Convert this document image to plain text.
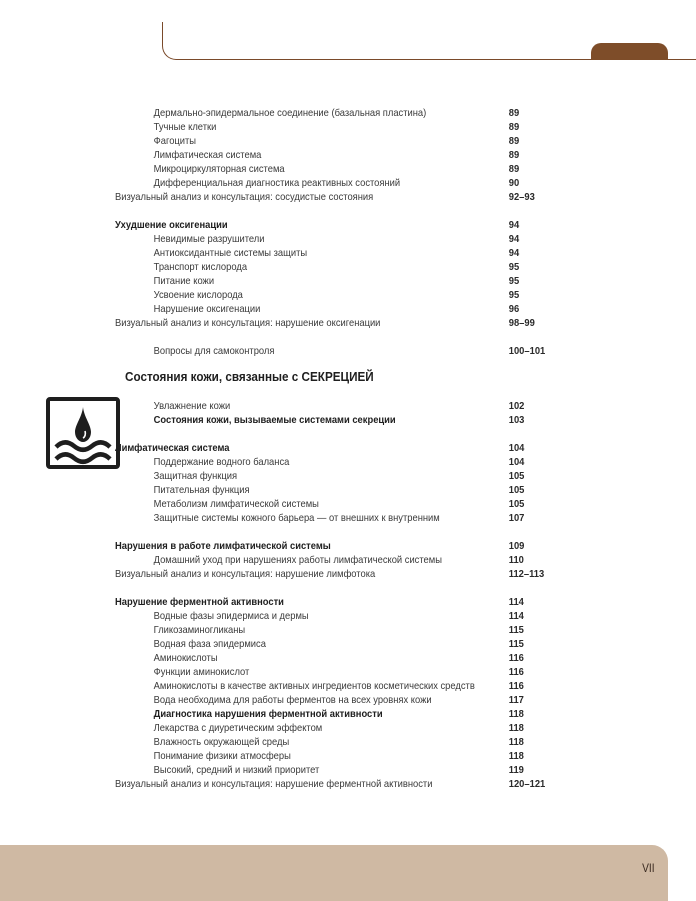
Дермально-эпидермальное соединение (базальная пластина)	89
Тучные клетки	89
Фагоциты	89
Лимфатическая система	89
Микроциркуляторная система	89
Дифференциальная диагностика реактивных состояний	90
Визуальный анализ и консультация: сосудистые состояния	92–93
Ухудшение оксигенации	94
Невидимые разрушители	94
Антиоксидантные системы защиты	94
Транспорт кислорода	95
Питание кожи	95
Усвоение кислорода	95
Нарушение оксигенации	96
Визуальный анализ и консультация: нарушение оксигенации	98–99
Вопросы для самоконтроля	100–101
Состояния кожи, связанные с СЕКРЕЦИЕЙ
Увлажнение кожи	102
Состояния кожи, вызываемые системами секреции	103
Лимфатическая система	104
Поддержание водного баланса	104
Защитная функция	105
Питательная функция	105
Метаболизм лимфатической системы	105
Защитные системы кожного барьера — от внешних к внутренним	107
Нарушения в работе лимфатической системы	109
Домашний уход при нарушениях работы лимфатической системы	110
Визуальный анализ и консультация: нарушение лимфотока	112–113
Нарушение ферментной активности	114
Водные фазы эпидермиса и дермы	114
Гликозаминогликаны	115
Водная фаза эпидермиса	115
Аминокислоты	116
Функции аминокислот	116
Аминокислоты в качестве активных ингредиентов косметических средств	116
Вода необходима для работы ферментов на всех уровнях кожи	117
Диагностика нарушения ферментной активности	118
Лекарства с диуретическим эффектом	118
Влажность окружающей среды	118
Понимание физики атмосферы	118
Высокий, средний и низкий приоритет	119
Визуальный анализ и консультация: нарушение ферментной активности	120–121
VII
